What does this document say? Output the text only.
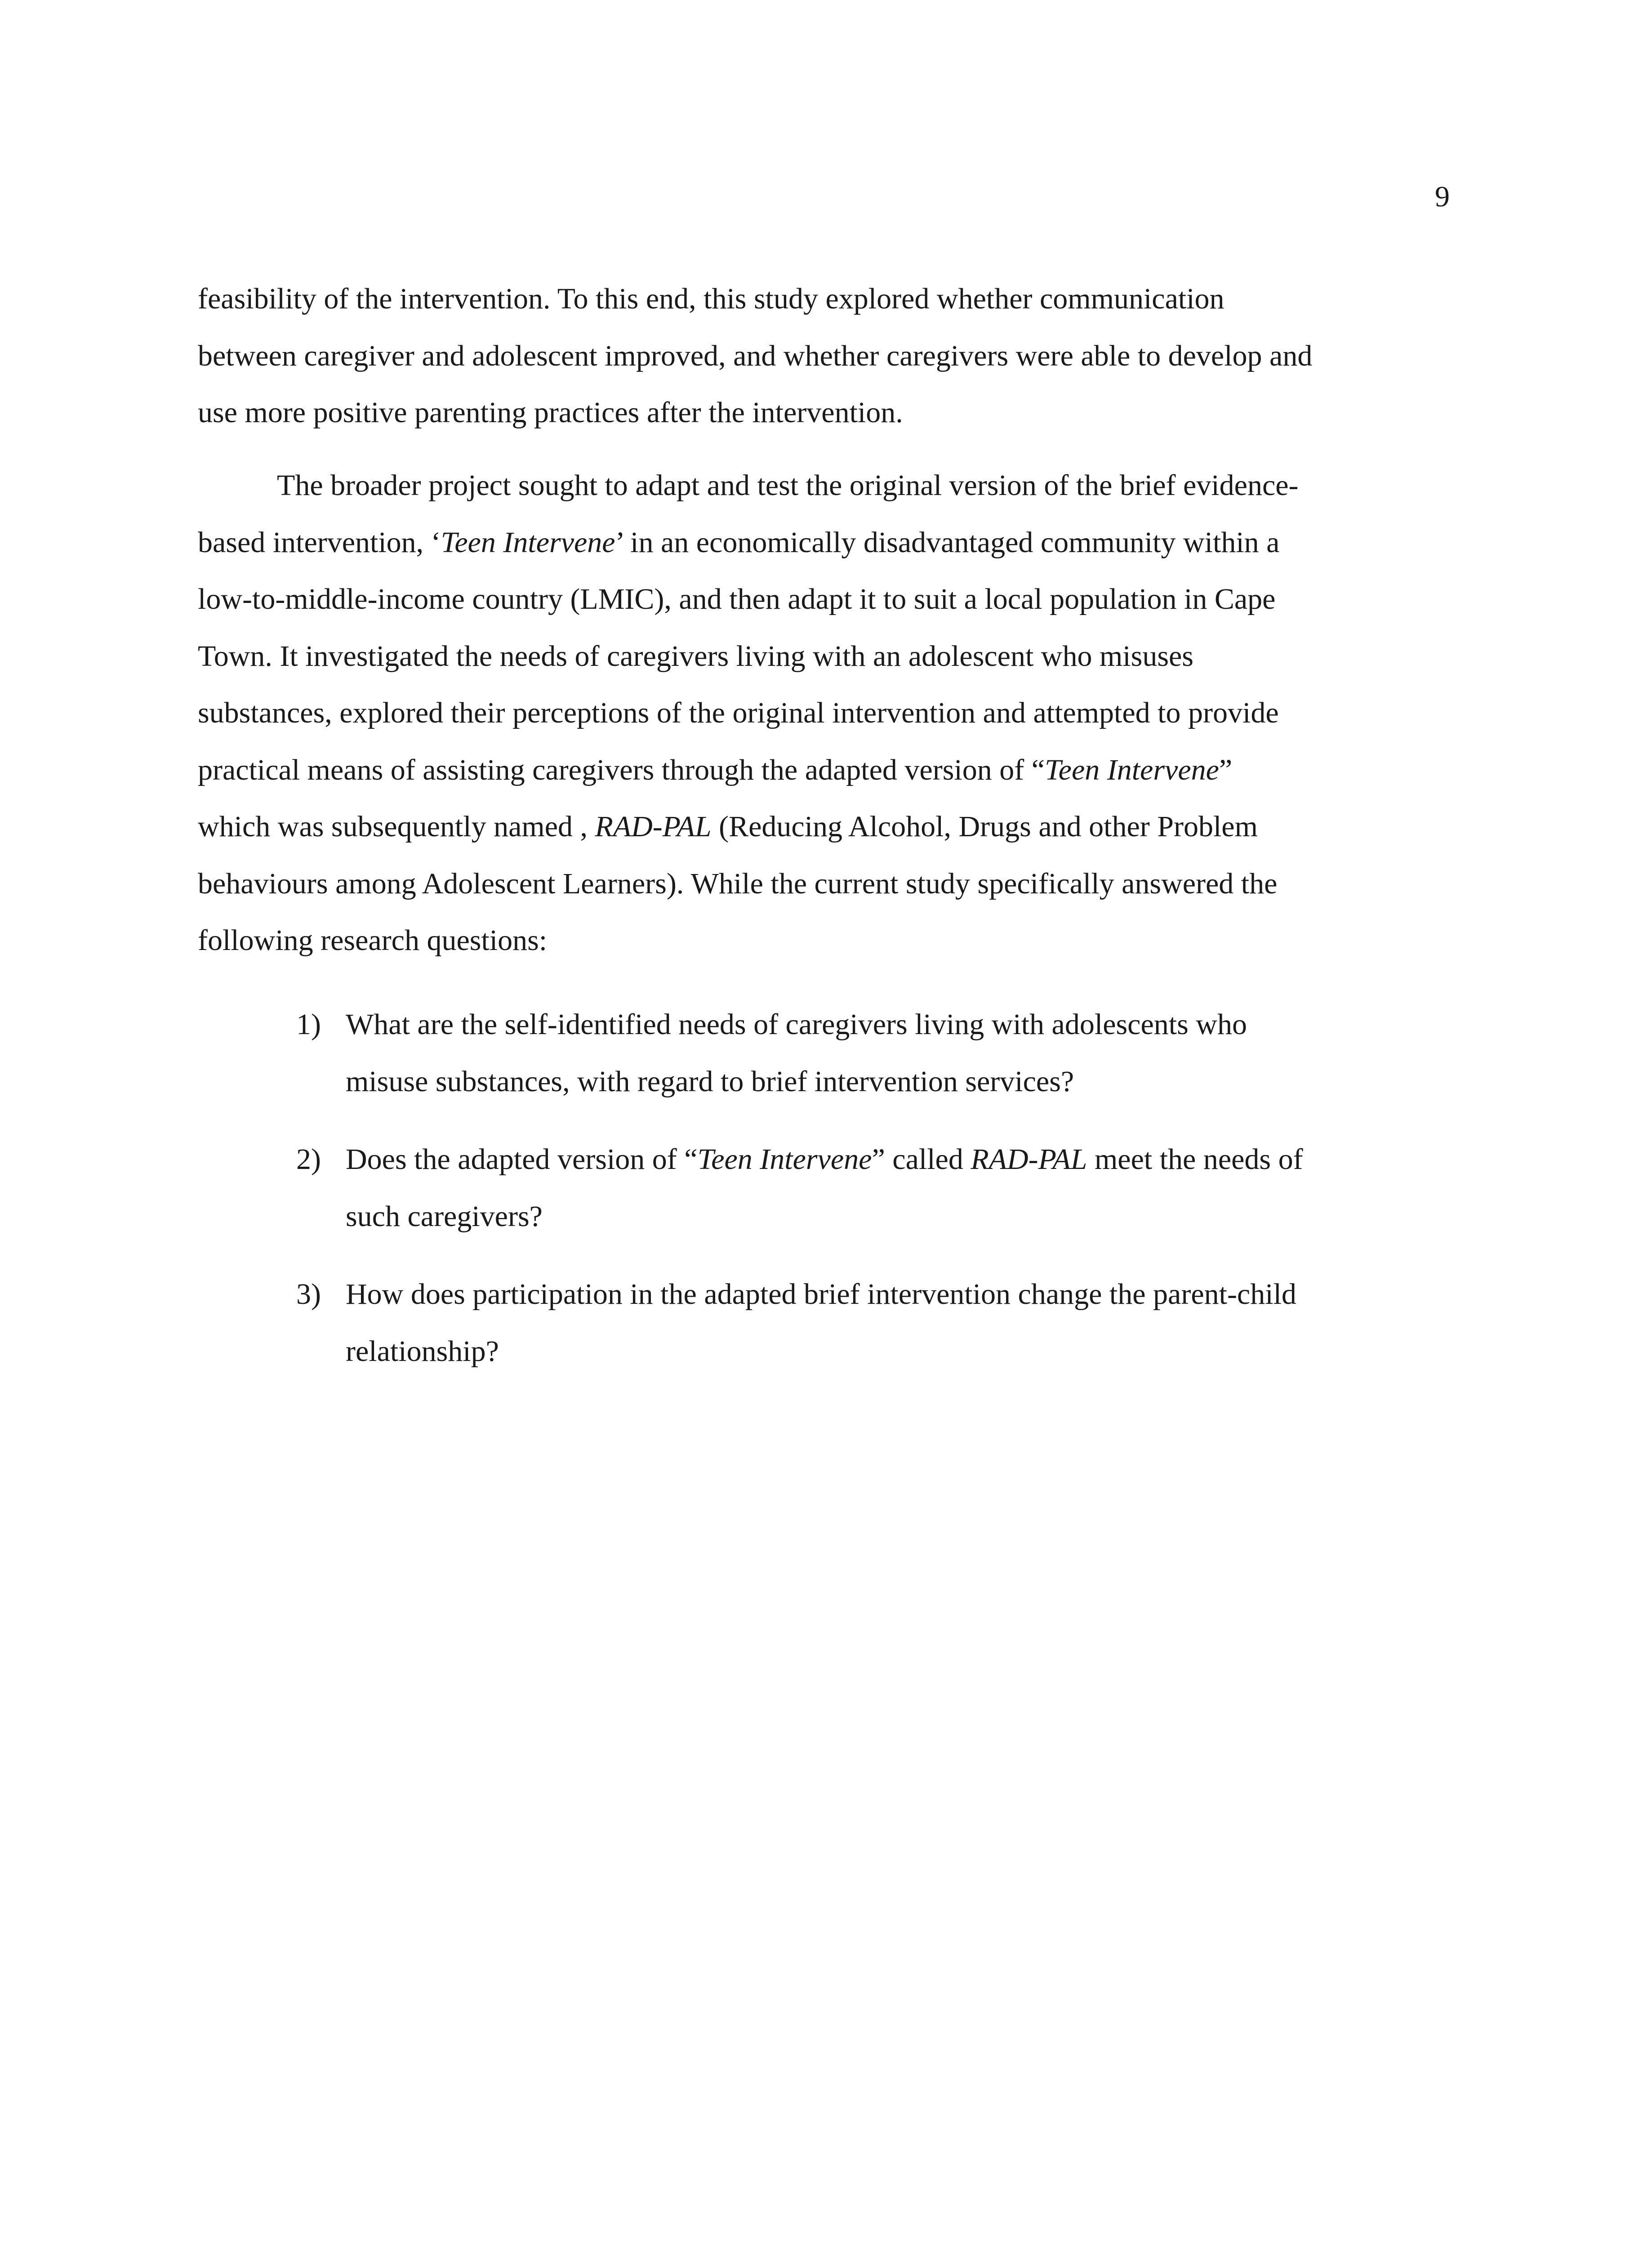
9
feasibility of the intervention. To this end, this study explored whether communication
between caregiver and adolescent improved, and whether caregivers were able to develop and
use more positive parenting practices after the intervention.
The broader project sought to adapt and test the original version of the brief evidence-
based intervention, ‘Teen Intervene’ in an economically disadvantaged community within a
low-to-middle-income country (LMIC), and then adapt it to suit a local population in Cape
Town. It investigated the needs of caregivers living with an adolescent who misuses
substances, explored their perceptions of the original intervention and attempted to provide
practical means of assisting caregivers through the adapted version of “Teen Intervene”
which was subsequently named , RAD-PAL (Reducing Alcohol, Drugs and other Problem
behaviours among Adolescent Learners). While the current study specifically answered the
following research questions:
1) What are the self-identified needs of caregivers living with adolescents who
misuse substances, with regard to brief intervention services?
2) Does the adapted version of “Teen Intervene” called RAD-PAL meet the needs of
such caregivers?
3) How does participation in the adapted brief intervention change the parent-child
relationship?
